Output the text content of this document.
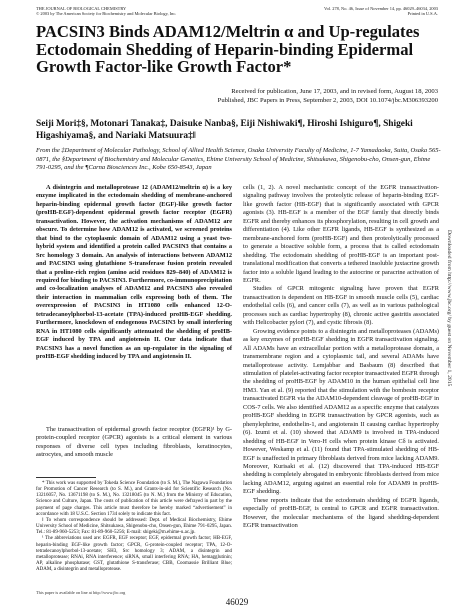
THE JOURNAL OF BIOLOGICAL CHEMISTRY
© 2003 by The American Society for Biochemistry and Molecular Biology, Inc.
Vol. 278, No. 46, Issue of November 14, pp. 46029–46034, 2003
Printed in U.S.A.
PACSIN3 Binds ADAM12/Meltrin α and Up-regulates Ectodomain Shedding of Heparin-binding Epidermal Growth Factor-like Growth Factor*
Received for publication, June 17, 2003, and in revised form, August 18, 2003
Published, JBC Papers in Press, September 2, 2003, DOI 10.1074/jbc.M306393200
Seiji Mori‡§, Motonari Tanaka‡, Daisuke Nanba§, Eiji Nishiwaki¶, Hiroshi Ishiguro¶, Shigeki Higashiyama§, and Nariaki Matsuura‡‖
From the ‡Department of Molecular Pathology, School of Allied Health Science, Osaka University Faculty of Medicine, 1-7 Yamadaoka, Suita, Osaka 565-0871, the §Department of Biochemistry and Molecular Genetics, Ehime University School of Medicine, Shitsukawa, Shigenobu-cho, Onsen-gun, Ehime 791-0295, and the ¶Carna Biosciences Inc., Kobe 650-8543, Japan
A disintegrin and metalloprotease 12 (ADAM12/meltrin α) is a key enzyme implicated in the ectodomain shedding of membrane-anchored heparin-binding epidermal growth factor (EGF)-like growth factor (proHB-EGF)-dependent epidermal growth factor receptor (EGFR) transactivation. However, the activation mechanisms of ADAM12 are obscure. To determine how ADAM12 is activated, we screened proteins that bind to the cytoplasmic domain of ADAM12 using a yeast two-hybrid system and identified a protein called PACSIN3 that contains a Src homology 3 domain. An analysis of interactions between ADAM12 and PACSIN3 using glutathione S-transferase fusion protein revealed that a proline-rich region (amino acid residues 829–840) of ADAM12 is required for binding to PACSIN3. Furthermore, co-immunoprecipitation and co-localization analyses of ADAM12 and PACSIN3 also revealed their interaction in mammalian cells expressing both of them. The overexpression of PACSIN3 in HT1080 cells enhanced 12-O-tetradecanoylphorbol-13-acetate (TPA)-induced proHB-EGF shedding. Furthermore, knockdown of endogenous PACSIN3 by small interfering RNA in HT1080 cells significantly attenuated the shedding of proHB-EGF induced by TPA and angiotensin II. Our data indicate that PACSIN3 has a novel function as an up-regulator in the signaling of proHB-EGF shedding induced by TPA and angiotensin II.
The transactivation of epidermal growth factor receptor (EGFR)¹ by G-protein-coupled receptor (GPCR) agonists is a critical element in various responses of diverse cell types including fibroblasts, keratinocytes, astrocytes, and smooth muscle

* This work was supported by Tokeda Science Foundation (to S. M.), The Nagawa Foundation for Promotion of Cancer Research (to S. M.), and Grants-in-aid for Scientific Research (No. 13216057, No. 13671198 (to S. M.), No. 13218045 (to N. M.) from the Ministry of Education, Science and Culture, Japan. The costs of publication of this article were defrayed in part by the payment of page charges. This article must therefore be hereby marked “advertisement” in accordance with 18 U.S.C. Section 1734 solely to indicate this fact.

‖ To whom correspondence should be addressed: Dept. of Medical Biochemistry, Ehime University School of Medicine, Shitsukawa, Shigenobu-cho, Onsen-gun, Ehime 791-0295, Japan. Tel.: 81-89-960-5253; Fax: 81-89-960-5256; E-mail: shigeki@m.ehime-u.ac.jp.

¹ The abbreviations used are: EGFR, EGF receptor; EGF, epidermal growth factor; HB-EGF, heparin-binding EGF-like growth factor; GPCR, G-protein-coupled receptor; TPA, 12-O-tetradecanoylphorbol-13-acetate; SH3, Src homology 3; ADAM, a disintegrin and metalloprotease; RNAi, RNA interference; siRNA, small interfering RNA; HA, hemagglutinin; AP, alkaline phosphatase; GST, glutathione S-transferase; CBB, Coomassie Brilliant Blue; ADAM, a disintegrin and metalloprotease.

cells (1, 2). A novel mechanistic concept of the EGFR transactivation-signaling pathway involves the proteolytic release of heparin-binding EGF-like growth factor (HB-EGF) that is significantly associated with GPCR agonists (3). HB-EGF is a member of the EGF family that directly binds EGFR and thereby enhances its phosphorylation, resulting in cell growth and differentiation (4). Like other EGFR ligands, HB-EGF is synthesized as a membrane-anchored form (proHB-EGF) and then proteolytically processed to generate a bioactive soluble form, a process that is called ectodomain shedding. The ectodomain shedding of proHB-EGF is an important post-translational modification that converts a tethered insoluble juxtacrine growth factor into a soluble ligand leading to the autocrine or paracrine activation of EGFR.

Studies of GPCR mitogenic signaling have proven that EGFR transactivation is dependent on HB-EGF in smooth muscle cells (5), cardiac endothelial cells (6), and cancer cells (7), as well as in various pathological processes such as cardiac hypertrophy (8), chronic active gastritis associated with Helicobacter pylori (7), and cystic fibrosis (8).

Growing evidence points to a disintegrin and metalloproteases (ADAMs) as key enzymes of proHB-EGF shedding in EGFR transactivation signaling. All ADAMs have an extracellular portion with a metalloprotease domain, a transmembrane region and a cytoplasmic tail, and several ADAMs have metalloprotease activity. Lemjabbar and Basbaum (8) described that stimulation of platelet-activating factor receptor transactivated EGFR through the shedding of proHB-EGF by ADAM10 in the human epithelial cell line HM3. Yan et al. (9) reported that the stimulation with the bombesin receptor transactivated EGFR via the ADAM10-dependent cleavage of proHB-EGF in COS-7 cells. We also identified ADAM12 as a specific enzyme that catalyzes proHB-EGF shedding in EGFR transactivation by GPCR agonists, such as phenylephrine, endothelin-1, and angiotensin II causing cardiac hypertrophy (6). Izumi et al. (10) showed that ADAM9 is involved in TPA-induced shedding of HB-EGF in Vero-H cells when protein kinase Cδ is activated. However, Weskamp et al. (11) found that TPA-stimulated shedding of HB-EGF is unaffected in primary fibroblasts derived from mice lacking ADAM9. Moreover, Kurisaki et al. (12) discovered that TPA-induced HB-EGF shedding is completely abrogated in embryonic fibroblasts derived from mice lacking ADAM12, arguing against an essential role for ADAM9 in proHB-EGF shedding.

These reports indicate that the ectodomain shedding of EGFR ligands, especially of proHB-EGF, is central to GPCR and EGFR transactivation. However, the molecular mechanisms of the ligand shedding-dependent EGFR transactivation

Downloaded from http://www.jbc.org/ by guest on November 1, 2015
This paper is available on line at http://www.jbc.org
46029
